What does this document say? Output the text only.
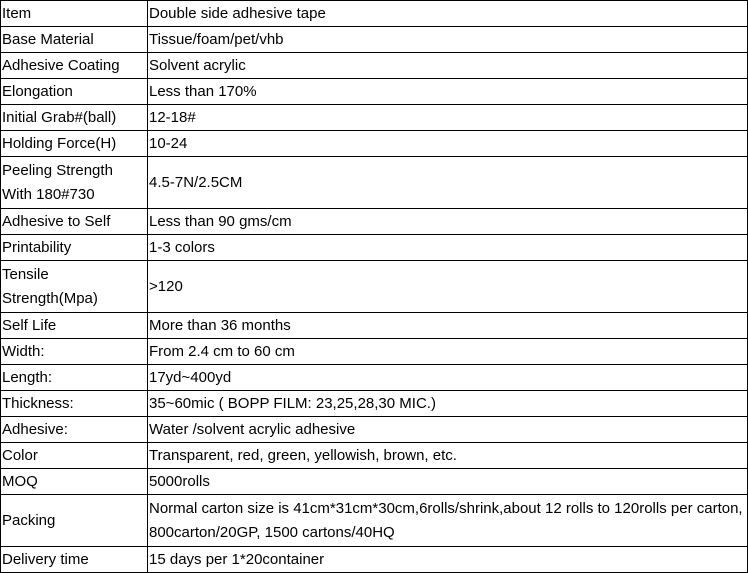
Item	Double side adhesive tape
Base Material	Tissue/foam/pet/vhb
Adhesive Coating	Solvent acrylic
Elongation	Less than 170%
Initial Grab#(ball)	12-18#
Holding Force(H)	10-24
Peeling Strength With 180#730	4.5-7N/2.5CM
Adhesive to Self	Less than 90 gms/cm
Printability	1-3 colors
Tensile Strength(Mpa)	>120
Self Life	More than 36 months
Width:	From 2.4 cm to 60 cm
Length:	17yd~400yd
Thickness:	35~60mic ( BOPP FILM: 23,25,28,30 MIC.)
Adhesive:	Water /solvent acrylic adhesive
Color	Transparent, red, green, yellowish, brown, etc.
MOQ	5000rolls
Packing	Normal carton size is 41cm*31cm*30cm,6rolls/shrink,about 12 rolls to 120rolls per carton, 800carton/20GP, 1500 cartons/40HQ
Delivery time	15 days per 1*20container
